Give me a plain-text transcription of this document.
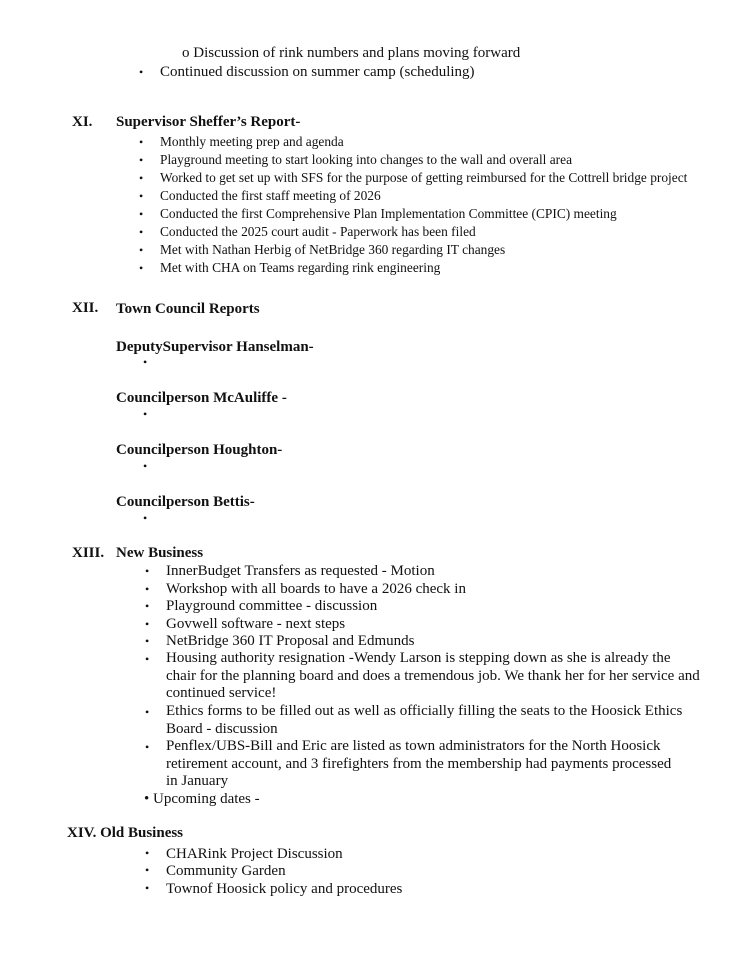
o Discussion of rink numbers and plans moving forward
• Continued discussion on summer camp (scheduling)
XI. Supervisor Sheffer’s Report-
• Monthly meeting prep and agenda
• Playground meeting to start looking into changes to the wall and overall area
• Worked to get set up with SFS for the purpose of getting reimbursed for the Cottrell bridge project
• Conducted the first staff meeting of 2026
• Conducted the first Comprehensive Plan Implementation Committee (CPIC) meeting
• Conducted the 2025 court audit - Paperwork has been filed
• Met with Nathan Herbig of NetBridge 360 regarding IT changes
• Met with CHA on Teams regarding rink engineering
XII. Town Council Reports
DeputySupervisor Hanselman-
•
Councilperson McAuliffe -
•
Councilperson Houghton-
•
Councilperson Bettis-
•
XIII. New Business
• InnerBudget Transfers as requested - Motion
• Workshop with all boards to have a 2026 check in
• Playground committee - discussion
• Govwell software - next steps
• NetBridge 360 IT Proposal and Edmunds
• Housing authority resignation -Wendy Larson is stepping down as she is already the chair for the planning board and does a tremendous job. We thank her for her service and continued service!
• Ethics forms to be filled out as well as officially filling the seats to the Hoosick Ethics Board - discussion
• Penflex/UBS-Bill and Eric are listed as town administrators for the North Hoosick retirement account, and 3 firefighters from the membership had payments processed in January
• Upcoming dates -
XIV. Old Business
• CHARink Project Discussion
• Community Garden
• Townof Hoosick policy and procedures
